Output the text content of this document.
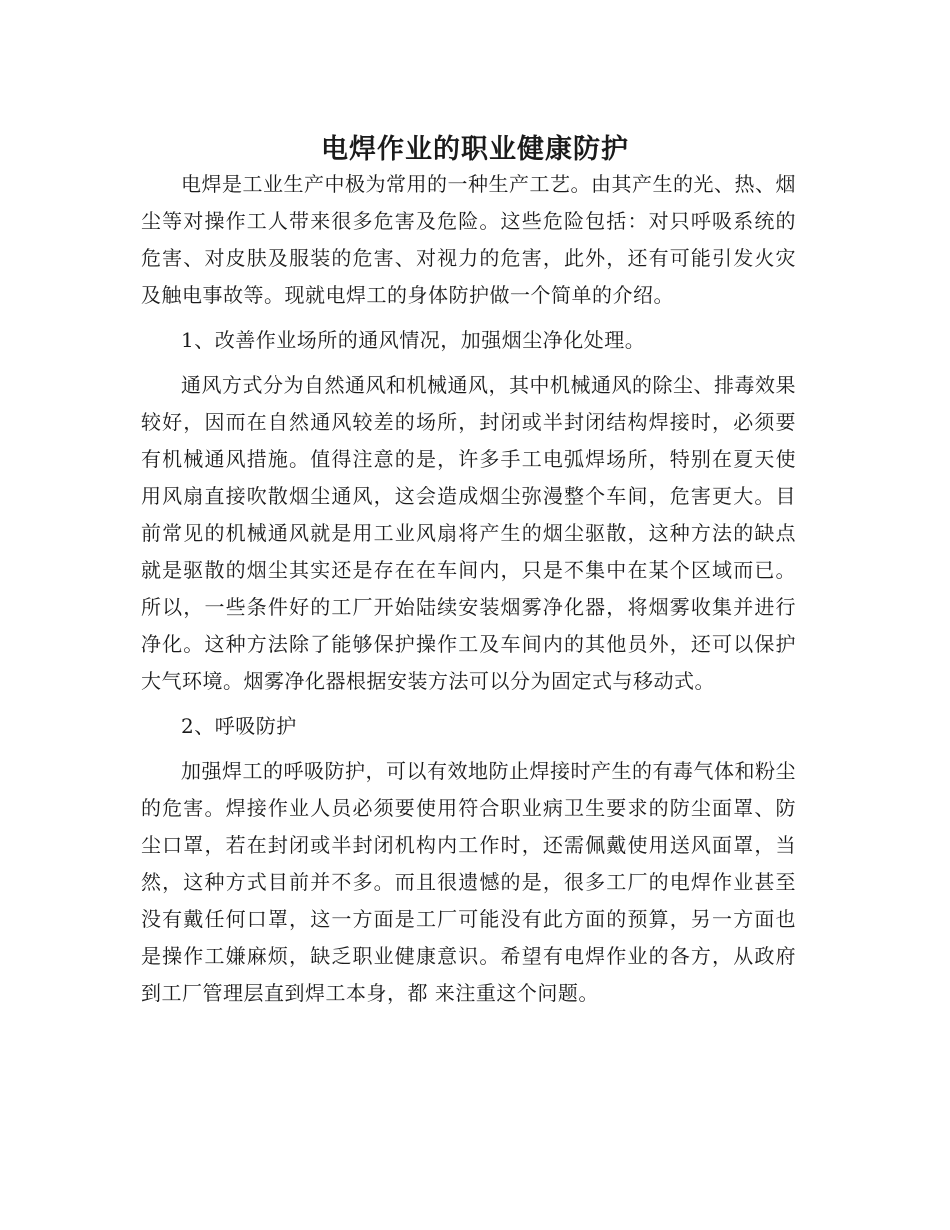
电焊作业的职业健康防护

电焊是工业生产中极为常用的一种生产工艺。由其产生的光、热、烟尘等对操作工人带来很多危害及危险。这些危险包括：对只呼吸系统的危害、对皮肤及服装的危害、对视力的危害，此外，还有可能引发火灾及触电事故等。现就电焊工的身体防护做一个简单的介绍。

1、改善作业场所的通风情况，加强烟尘净化处理。

通风方式分为自然通风和机械通风，其中机械通风的除尘、排毒效果较好，因而在自然通风较差的场所，封闭或半封闭结构焊接时，必须要有机械通风措施。值得注意的是，许多手工电弧焊场所，特别在夏天使用风扇直接吹散烟尘通风，这会造成烟尘弥漫整个车间，危害更大。目前常见的机械通风就是用工业风扇将产生的烟尘驱散，这种方法的缺点就是驱散的烟尘其实还是存在在车间内，只是不集中在某个区域而已。所以，一些条件好的工厂开始陆续安装烟雾净化器，将烟雾收集并进行净化。这种方法除了能够保护操作工及车间内的其他员外，还可以保护大气环境。烟雾净化器根据安装方法可以分为固定式与移动式。

2、呼吸防护

加强焊工的呼吸防护，可以有效地防止焊接时产生的有毒气体和粉尘的危害。焊接作业人员必须要使用符合职业病卫生要求的防尘面罩、防尘口罩，若在封闭或半封闭机构内工作时，还需佩戴使用送风面罩，当然，这种方式目前并不多。而且很遗憾的是，很多工厂的电焊作业甚至没有戴任何口罩，这一方面是工厂可能没有此方面的预算，另一方面也是操作工嫌麻烦，缺乏职业健康意识。希望有电焊作业的各方，从政府到工厂管理层直到焊工本身，都 来注重这个问题。
